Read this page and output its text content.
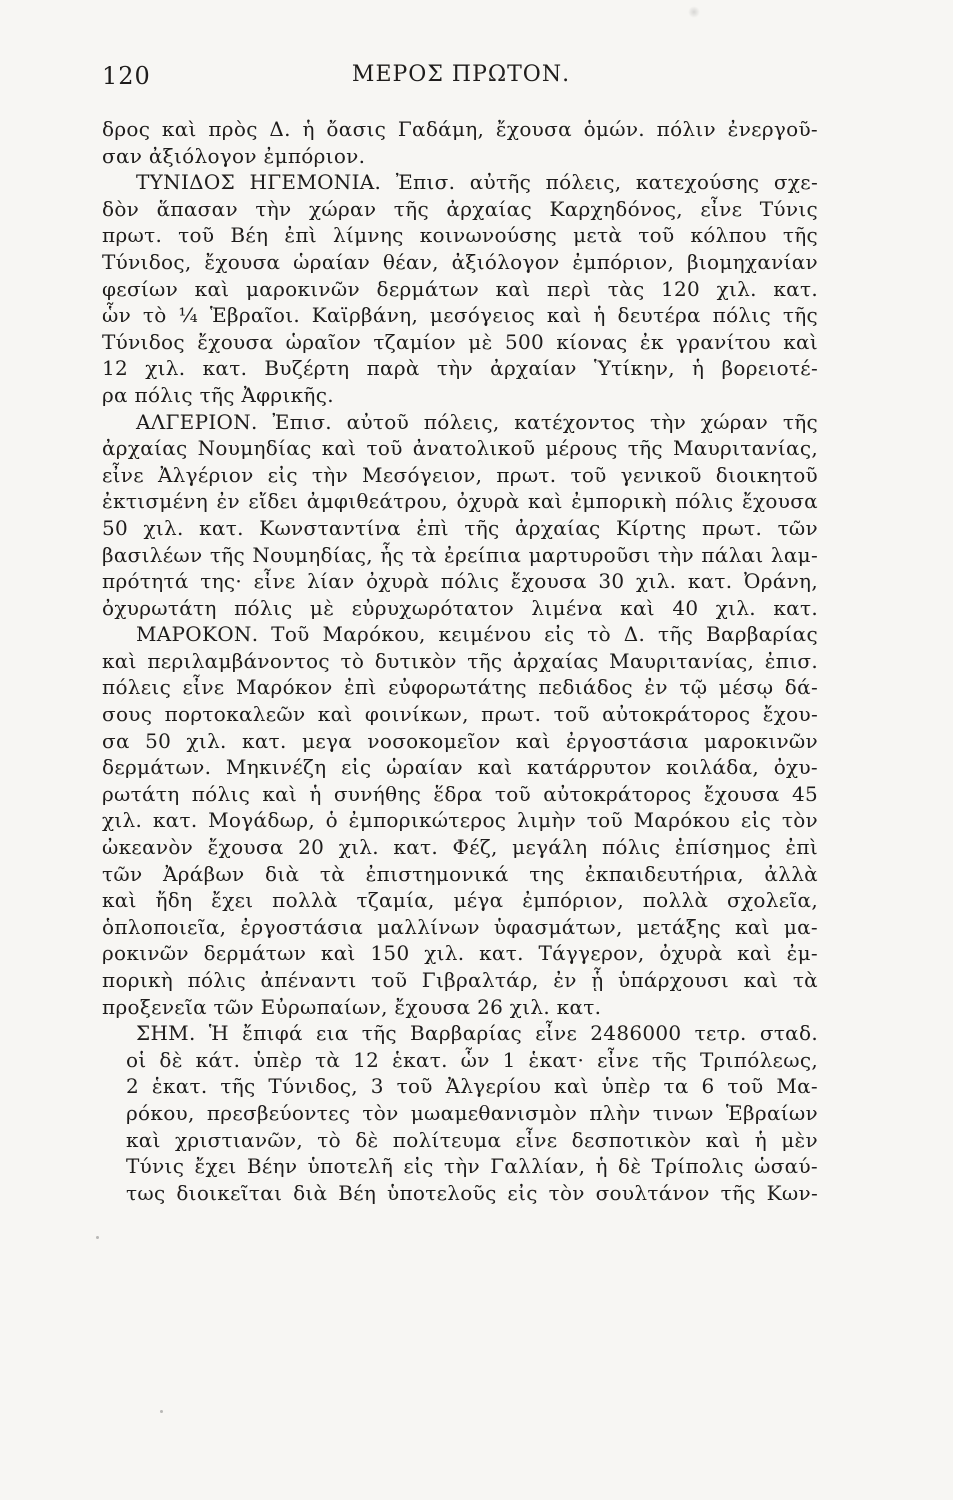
120	ΜΕΡΟΣ ΠΡΩΤΟΝ.
δρος καὶ πρὸς Δ. ἡ ὄασις Γαδάμη, ἔχουσα ὁμών. πόλιν ἐνεργοῦ-
σαν ἀξιόλογον ἐμπόριον.
ΤΥΝΙΔΟΣ ΗΓΕΜΟΝΙΑ. Ἐπισ. αὐτῆς πόλεις, κατεχούσης σχε-
δὸν ἅπασαν τὴν χώραν τῆς ἀρχαίας Καρχηδόνος, εἶνε Τύνις
πρωτ. τοῦ Βέη ἐπὶ λίμνης κοινωνούσης μετὰ τοῦ κόλπου τῆς
Τύνιδος, ἔχουσα ὡραίαν θέαν, ἀξιόλογον ἐμπόριον, βιομηχανίαν
φεσίων καὶ μαροκινῶν δερμάτων καὶ περὶ τὰς 120 χιλ. κατ.
ὧν τὸ ¼ Ἑβραῖοι. Καϊρβάνη, μεσόγειος καὶ ἡ δευτέρα πόλις τῆς
Τύνιδος ἔχουσα ὡραῖον τζαμίον μὲ 500 κίονας ἐκ γρανίτου καὶ
12 χιλ. κατ. Βυζέρτη παρὰ τὴν ἀρχαίαν Ὑτίκην, ἡ βορειοτέ-
ρα πόλις τῆς Ἀφρικῆς.
ΑΛΓΕΡΙΟΝ. Ἐπισ. αὐτοῦ πόλεις, κατέχοντος τὴν χώραν τῆς
ἀρχαίας Νουμηδίας καὶ τοῦ ἀνατολικοῦ μέρους τῆς Μαυριτανίας,
εἶνε Ἀλγέριον εἰς τὴν Μεσόγειον, πρωτ. τοῦ γενικοῦ διοικητοῦ
ἐκτισμένη ἐν εἴδει ἀμφιθεάτρου, ὀχυρὰ καὶ ἐμπορικὴ πόλις ἔχουσα
50 χιλ. κατ. Κωνσταντίνα ἐπὶ τῆς ἀρχαίας Κίρτης πρωτ. τῶν
βασιλέων τῆς Νουμηδίας, ἧς τὰ ἐρείπια μαρτυροῦσι τὴν πάλαι λαμ-
πρότητά της· εἶνε λίαν ὀχυρὰ πόλις ἔχουσα 30 χιλ. κατ. Ὀράνη,
ὀχυρωτάτη πόλις μὲ εὐρυχωρότατον λιμένα καὶ 40 χιλ. κατ.
ΜΑΡΟΚΟΝ. Τοῦ Μαρόκου, κειμένου εἰς τὸ Δ. τῆς Βαρβαρίας
καὶ περιλαμβάνοντος τὸ δυτικὸν τῆς ἀρχαίας Μαυριτανίας, ἐπισ.
πόλεις εἶνε Μαρόκον ἐπὶ εὐφορωτάτης πεδιάδος ἐν τῷ μέσῳ δά-
σους πορτοκαλεῶν καὶ φοινίκων, πρωτ. τοῦ αὐτοκράτορος ἔχου-
σα 50 χιλ. κατ. μεγα νοσοκομεῖον καὶ ἐργοστάσια μαροκινῶν
δερμάτων. Μηκινέζη εἰς ὡραίαν καὶ κατάρρυτον κοιλάδα, ὀχυ-
ρωτάτη πόλις καὶ ἡ συνήθης ἕδρα τοῦ αὐτοκράτορος ἔχουσα 45
χιλ. κατ. Μογάδωρ, ὁ ἐμπορικώτερος λιμὴν τοῦ Μαρόκου εἰς τὸν
ὠκεανὸν ἔχουσα 20 χιλ. κατ. Φέζ, μεγάλη πόλις ἐπίσημος ἐπὶ
τῶν Ἀράβων διὰ τὰ ἐπιστημονικά της ἐκπαιδευτήρια, ἀλλὰ
καὶ ἤδη ἔχει πολλὰ τζαμία, μέγα ἐμπόριον, πολλὰ σχολεῖα,
ὁπλοποιεῖα, ἐργοστάσια μαλλίνων ὑφασμάτων, μετάξης καὶ μα-
ροκινῶν δερμάτων καὶ 150 χιλ. κατ. Τάγγερον, ὀχυρὰ καὶ ἐμ-
πορικὴ πόλις ἀπέναντι τοῦ Γιβραλτάρ, ἐν ᾗ ὑπάρχουσι καὶ τὰ
προξενεῖα τῶν Εὐρωπαίων, ἔχουσα 26 χιλ. κατ.
ΣΗΜ. Ἡ ἔπιφά εια τῆς Βαρβαρίας εἶνε 2486000 τετρ. σταδ.
οἱ δὲ κάτ. ὑπὲρ τὰ 12 ἑκατ. ὧν 1 ἑκατ· εἶνε τῆς Τριπόλεως,
2 ἑκατ. τῆς Τύνιδος, 3 τοῦ Ἀλγερίου καὶ ὑπὲρ τα 6 τοῦ Μα-
ρόκου, πρεσβεύοντες τὸν μωαμεθανισμὸν πλὴν τινων Ἑβραίων
καὶ χριστιανῶν, τὸ δὲ πολίτευμα εἶνε δεσποτικὸν καὶ ἡ μὲν
Τύνις ἔχει Βέην ὑποτελῆ εἰς τὴν Γαλλίαν, ἡ δὲ Τρίπολις ὡσαύ-
τως διοικεῖται διὰ Βέη ὑποτελοῦς εἰς τὸν σουλτάνον τῆς Κων-
